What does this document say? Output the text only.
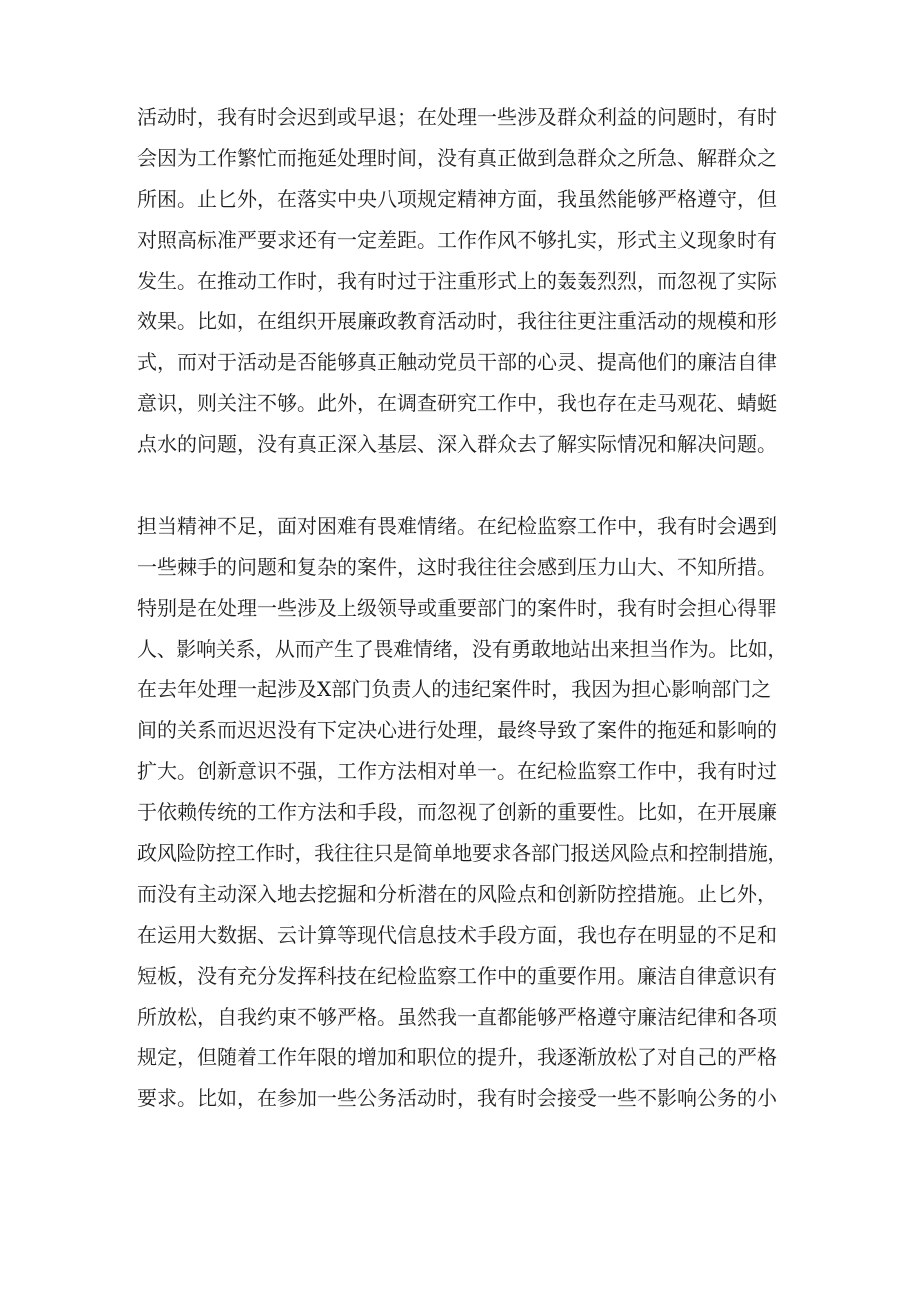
活动时，我有时会迟到或早退；在处理一些涉及群众利益的问题时，有时
会因为工作繁忙而拖延处理时间，没有真正做到急群众之所急、解群众之
所困。止匕外，在落实中央八项规定精神方面，我虽然能够严格遵守，但
对照高标准严要求还有一定差距。工作作风不够扎实，形式主义现象时有
发生。在推动工作时，我有时过于注重形式上的轰轰烈烈，而忽视了实际
效果。比如，在组织开展廉政教育活动时，我往往更注重活动的规模和形
式，而对于活动是否能够真正触动党员干部的心灵、提高他们的廉洁自律
意识，则关注不够。此外，在调查研究工作中，我也存在走马观花、蜻蜓
点水的问题，没有真正深入基层、深入群众去了解实际情况和解决问题。
担当精神不足，面对困难有畏难情绪。在纪检监察工作中，我有时会遇到
一些棘手的问题和复杂的案件，这时我往往会感到压力山大、不知所措。
特别是在处理一些涉及上级领导或重要部门的案件时，我有时会担心得罪
人、影响关系，从而产生了畏难情绪，没有勇敢地站出来担当作为。比如，
在去年处理一起涉及X部门负责人的违纪案件时，我因为担心影响部门之
间的关系而迟迟没有下定决心进行处理，最终导致了案件的拖延和影响的
扩大。创新意识不强，工作方法相对单一。在纪检监察工作中，我有时过
于依赖传统的工作方法和手段，而忽视了创新的重要性。比如，在开展廉
政风险防控工作时，我往往只是简单地要求各部门报送风险点和控制措施，
而没有主动深入地去挖掘和分析潜在的风险点和创新防控措施。止匕外，
在运用大数据、云计算等现代信息技术手段方面，我也存在明显的不足和
短板，没有充分发挥科技在纪检监察工作中的重要作用。廉洁自律意识有
所放松，自我约束不够严格。虽然我一直都能够严格遵守廉洁纪律和各项
规定，但随着工作年限的增加和职位的提升，我逐渐放松了对自己的严格
要求。比如，在参加一些公务活动时，我有时会接受一些不影响公务的小
